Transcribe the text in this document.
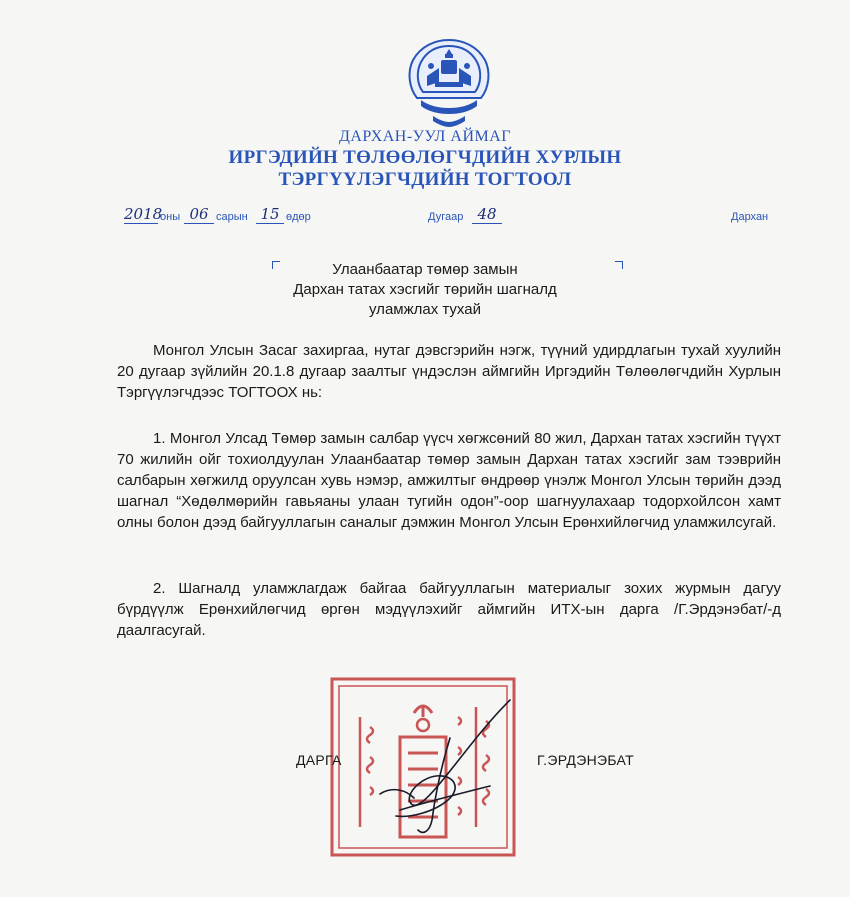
ДАРХАН-УУЛ АЙМАГ
ИРГЭДИЙН ТӨЛӨӨЛӨГЧДИЙН ХУРЛЫН
ТЭРГҮҮЛЭГЧДИЙН ТОГТООЛ
2018
оны 06 сарын 15 өдөр	Дугаар 48	Дархан
Улаанбаатар төмөр замын
Дархан татах хэсгийг төрийн шагналд
уламжлах тухай
Монгол Улсын Засаг захиргаа, нутаг дэвсгэрийн нэгж, түүний удирдлагын тухай хуулийн 20 дугаар зүйлийн 20.1.8 дугаар заалтыг үндэслэн аймгийн Иргэдийн Төлөөлөгчдийн Хурлын Тэргүүлэгчдээс ТОГТООХ нь:
1. Монгол Улсад Төмөр замын салбар үүсч хөгжсөний 80 жил, Дархан татах хэсгийн түүхт 70 жилийн ойг тохиолдуулан Улаанбаатар төмөр замын Дархан татах хэсгийг зам тээврийн салбарын хөгжилд оруулсан хувь нэмэр, амжилтыг өндрөөр үнэлж Монгол Улсын төрийн дээд шагнал “Хөдөлмөрийн гавьяаны улаан тугийн одон”-оор шагнуулахаар тодорхойлсон хамт олны болон дээд байгууллагын саналыг дэмжин Монгол Улсын Ерөнхийлөгчид уламжилсугай.
2. Шагналд уламжлагдаж байгаа байгууллагын материалыг зохих журмын дагуу бүрдүүлж Ерөнхийлөгчид өргөн мэдүүлэхийг аймгийн ИТХ-ын дарга /Г.Эрдэнэбат/-д даалгасугай.
ДАРГА	Г.ЭРДЭНЭБАТ
